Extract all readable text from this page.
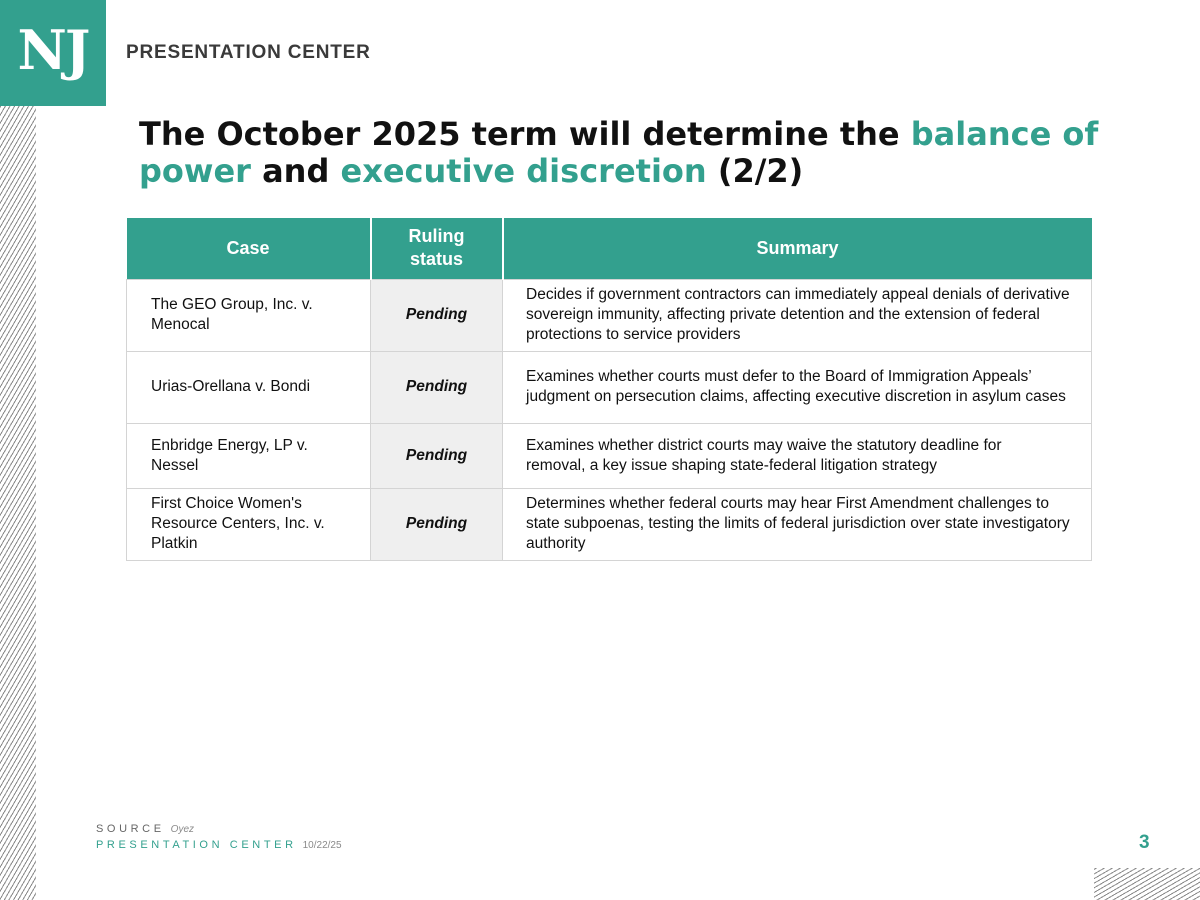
NJ PRESENTATION CENTER
The October 2025 term will determine the balance of power and executive discretion (2/2)
Case	Ruling status	Summary
The GEO Group, Inc. v. Menocal	Pending	Decides if government contractors can immediately appeal denials of derivative sovereign immunity, affecting private detention and the extension of federal protections to service providers
Urias-Orellana v. Bondi	Pending	Examines whether courts must defer to the Board of Immigration Appeals’ judgment on persecution claims, affecting executive discretion in asylum cases
Enbridge Energy, LP v. Nessel	Pending	Examines whether district courts may waive the statutory deadline for removal, a key issue shaping state-federal litigation strategy
First Choice Women's Resource Centers, Inc. v. Platkin	Pending	Determines whether federal courts may hear First Amendment challenges to state subpoenas, testing the limits of federal jurisdiction over state investigatory authority
SOURCE Oyez
PRESENTATION CENTER 10/22/25	3
